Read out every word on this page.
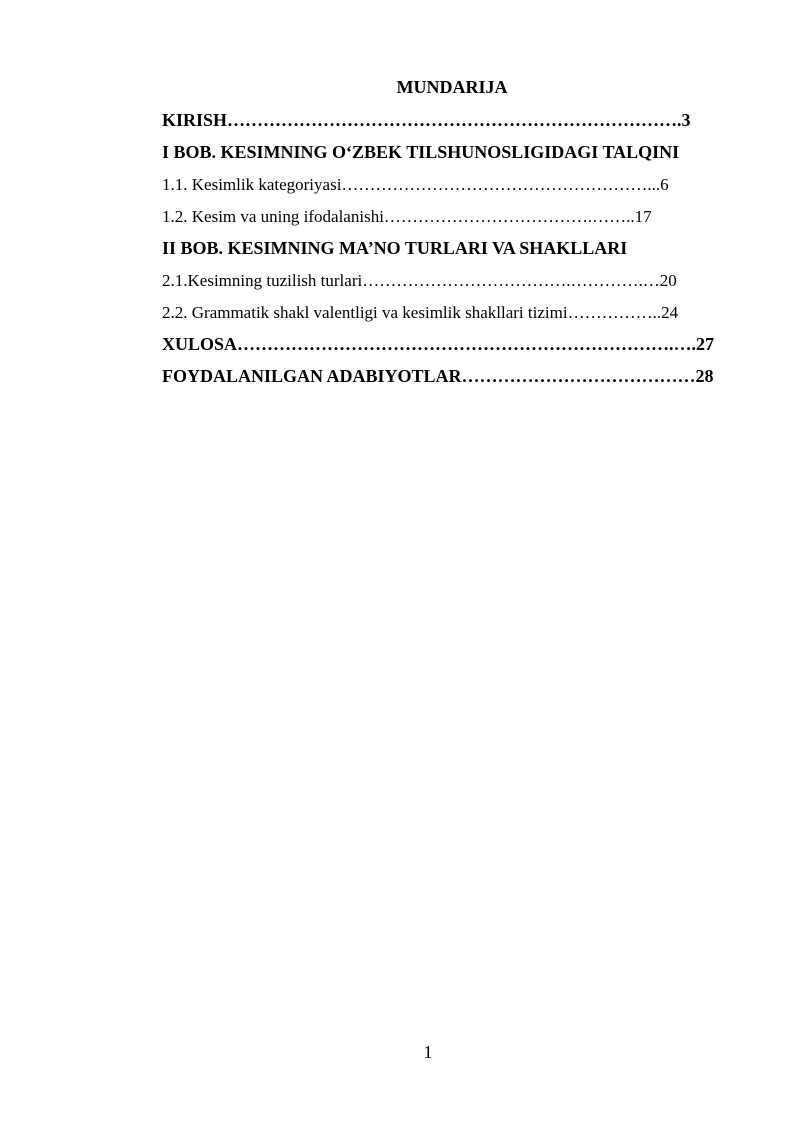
MUNDARIJA
KIRISH………………………………………………………………….3
I BOB. KESIMNING O‘ZBEK TILSHUNOSLIGIDAGI TALQINI
1.1. Kesimlik kategoriyasi………………………………………………...6
1.2. Kesim va uning ifodalanishi……………………………….……..17
II BOB. KESIMNING MA’NO TURLARI VA SHAKLLARI
2.1.Kesimning tuzilish turlari……………………………….………….…20
2.2. Grammatik shakl valentligi va kesimlik shakllari tizimi……………..24
XULOSA……………………………………………………………….….27
FOYDALANILGAN ADABIYOTLAR…………………………………28
1
